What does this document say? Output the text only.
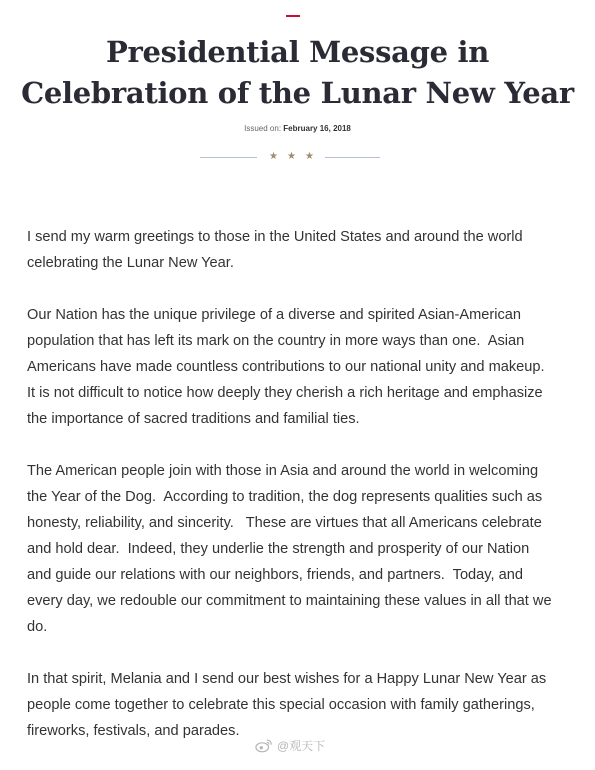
Presidential Message in
Celebration of the Lunar New Year
Issued on: February 16, 2018
★ ★ ★

I send my warm greetings to those in the United States and around the world
celebrating the Lunar New Year.

Our Nation has the unique privilege of a diverse and spirited Asian-American
population that has left its mark on the country in more ways than one.  Asian
Americans have made countless contributions to our national unity and makeup.
It is not difficult to notice how deeply they cherish a rich heritage and emphasize
the importance of sacred traditions and familial ties.

The American people join with those in Asia and around the world in welcoming
the Year of the Dog.  According to tradition, the dog represents qualities such as
honesty, reliability, and sincerity.   These are virtues that all Americans celebrate
and hold dear.  Indeed, they underlie the strength and prosperity of our Nation
and guide our relations with our neighbors, friends, and partners.  Today, and
every day, we redouble our commitment to maintaining these values in all that we
do.

In that spirit, Melania and I send our best wishes for a Happy Lunar New Year as
people come together to celebrate this special occasion with family gatherings,
fireworks, festivals, and parades.

@观天下
